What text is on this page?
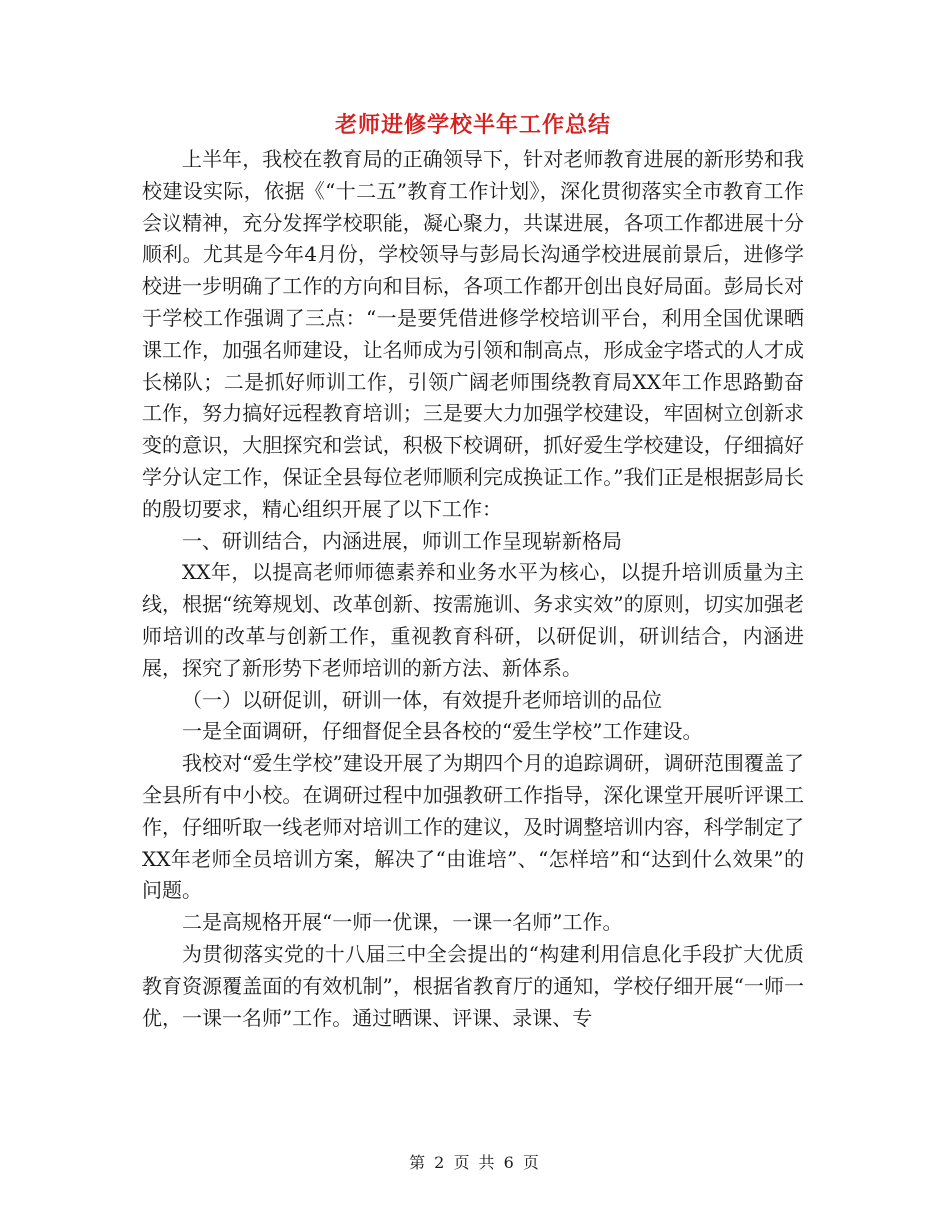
老师进修学校半年工作总结

上半年，我校在教育局的正确领导下，针对老师教育进展的新形势和我校建设实际，依据《“十二五”教育工作计划》，深化贯彻落实全市教育工作会议精神，充分发挥学校职能，凝心聚力，共谋进展，各项工作都进展十分顺利。尤其是今年4月份，学校领导与彭局长沟通学校进展前景后，进修学校进一步明确了工作的方向和目标，各项工作都开创出良好局面。彭局长对于学校工作强调了三点：“一是要凭借进修学校培训平台，利用全国优课晒课工作，加强名师建设，让名师成为引领和制高点，形成金字塔式的人才成长梯队；二是抓好师训工作，引领广阔老师围绕教育局XX年工作思路勤奋工作，努力搞好远程教育培训；三是要大力加强学校建设，牢固树立创新求变的意识，大胆探究和尝试，积极下校调研，抓好爱生学校建设，仔细搞好学分认定工作，保证全县每位老师顺利完成换证工作。”我们正是根据彭局长的殷切要求，精心组织开展了以下工作：

一、研训结合，内涵进展，师训工作呈现崭新格局

XX年，以提高老师师德素养和业务水平为核心，以提升培训质量为主线，根据“统筹规划、改革创新、按需施训、务求实效”的原则，切实加强老师培训的改革与创新工作，重视教育科研，以研促训，研训结合，内涵进展，探究了新形势下老师培训的新方法、新体系。

（一）以研促训，研训一体，有效提升老师培训的品位

一是全面调研，仔细督促全县各校的“爱生学校”工作建设。

我校对“爱生学校”建设开展了为期四个月的追踪调研，调研范围覆盖了全县所有中小校。在调研过程中加强教研工作指导，深化课堂开展听评课工作，仔细听取一线老师对培训工作的建议，及时调整培训内容，科学制定了XX年老师全员培训方案，解决了“由谁培”、“怎样培”和“达到什么效果”的问题。

二是高规格开展“一师一优课，一课一名师”工作。

为贯彻落实党的十八届三中全会提出的“构建利用信息化手段扩大优质教育资源覆盖面的有效机制”，根据省教育厅的通知，学校仔细开展“一师一优，一课一名师”工作。通过晒课、评课、录课、专

第 2 页 共 6 页
